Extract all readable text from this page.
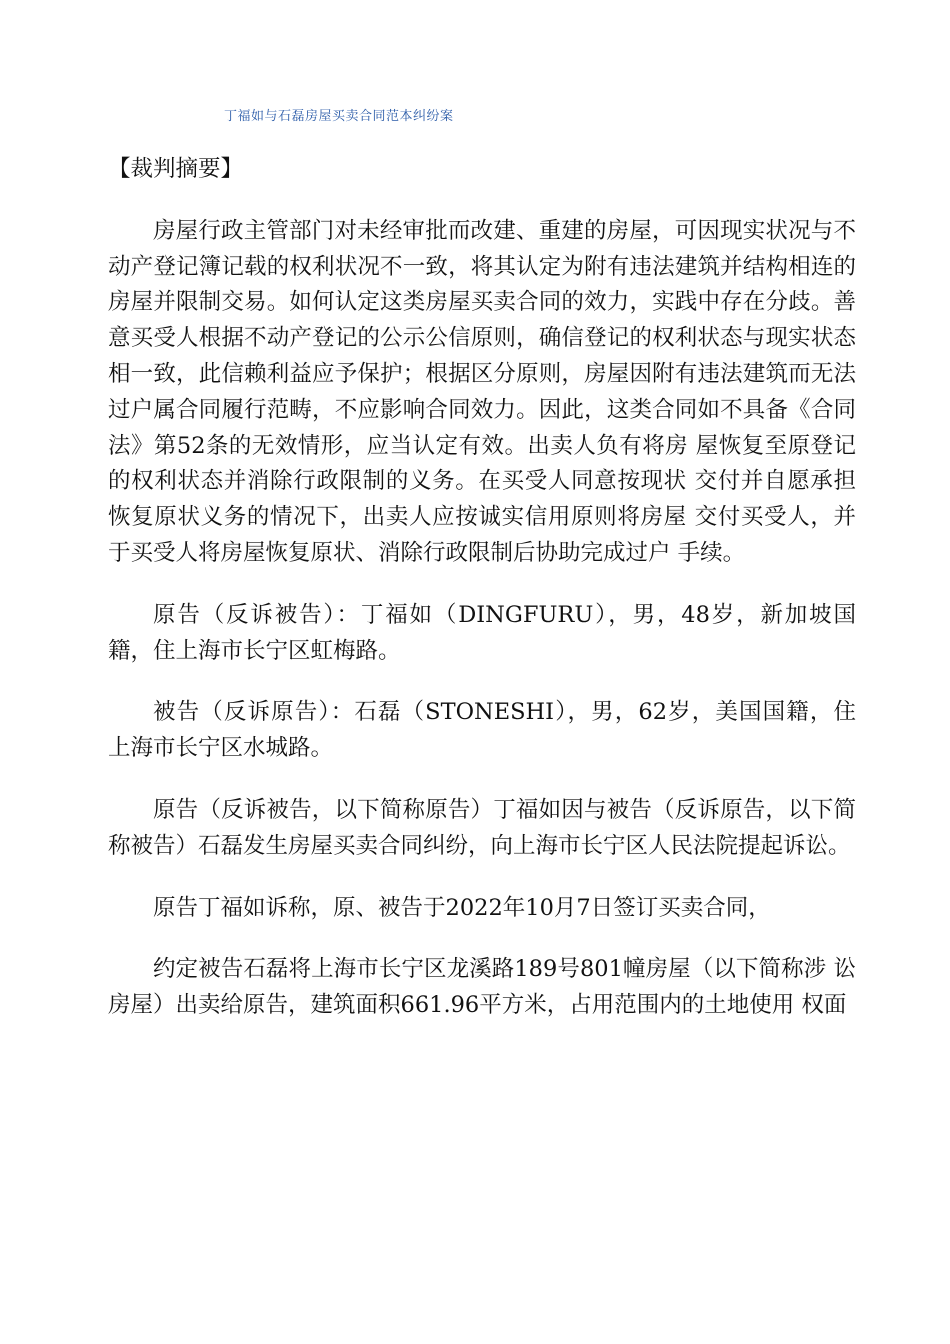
丁福如与石磊房屋买卖合同范本纠纷案

【裁判摘要】

房屋行政主管部门对未经审批而改建、重建的房屋，可因现实状况与不动产登记簿记载的权利状况不一致，将其认定为附有违法建筑并结构相连的房屋并限制交易。如何认定这类房屋买卖合同的效力，实践中存在分歧。善意买受人根据不动产登记的公示公信原则，确信登记的权利状态与现实状态相一致，此信赖利益应予保护；根据区分原则，房屋因附有违法建筑而无法过户属合同履行范畴，不应影响合同效力。因此，这类合同如不具备《合同法》第52条的无效情形，应当认定有效。出卖人负有将房 屋恢复至原登记的权利状态并消除行政限制的义务。在买受人同意按现状 交付并自愿承担恢复原状义务的情况下，出卖人应按诚实信用原则将房屋 交付买受人，并于买受人将房屋恢复原状、消除行政限制后协助完成过户 手续。

原告（反诉被告）：丁福如（DINGFURU），男，48岁，新加坡国籍，住上海市长宁区虹梅路。

被告（反诉原告）：石磊（STONESHI），男，62岁，美国国籍，住 上海市长宁区水城路。

原告（反诉被告，以下简称原告）丁福如因与被告（反诉原告，以下简称被告）石磊发生房屋买卖合同纠纷，向上海市长宁区人民法院提起诉讼。

原告丁福如诉称，原、被告于2022年10月7日签订买卖合同，

约定被告石磊将上海市长宁区龙溪路189号801幢房屋（以下简称涉 讼房屋）出卖给原告，建筑面积661.96平方米，占用范围内的土地使用 权面
